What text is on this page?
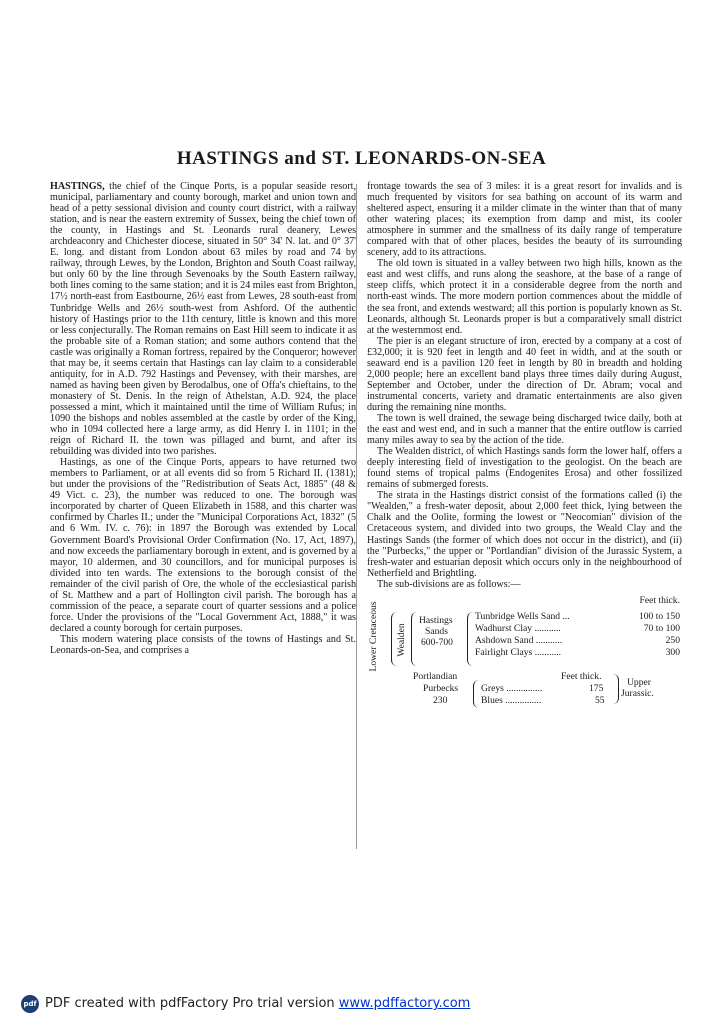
HASTINGS and ST. LEONARDS-ON-SEA

HASTINGS, the chief of the Cinque Ports, is a popular seaside resort, municipal, parliamentary and county borough, market and union town and head of a petty sessional division and county court district, with a railway station, and is near the eastern extremity of Sussex, being the chief town of the county, in Hastings and St. Leonards rural deanery, Lewes archdeaconry and Chichester diocese, situated in 50° 34' N. lat. and 0° 37' E. long. and distant from London about 63 miles by road and 74 by railway, through Lewes, by the London, Brighton and South Coast railway, but only 60 by the line through Sevenoaks by the South Eastern railway, both lines coming to the same station; and it is 24 miles east from Brighton, 17½ north-east from Eastbourne, 26½ east from Lewes, 28 south-east from Tunbridge Wells and 26½ south-west from Ashford. Of the authentic history of Hastings prior to the 11th century, little is known and this more or less conjecturally. The Roman remains on East Hill seem to indicate it as the probable site of a Roman station; and some authors contend that the castle was originally a Roman fortress, repaired by the Conqueror; however that may be, it seems certain that Hastings can lay claim to a considerable antiquity, for in A.D. 792 Hastings and Pevensey, with their marshes, are named as having been given by Berodalbus, one of Offa's chieftains, to the monastery of St. Denis. In the reign of Athelstan, A.D. 924, the place possessed a mint, which it maintained until the time of William Rufus; in 1090 the bishops and nobles assembled at the castle by order of the King, who in 1094 collected here a large army, as did Henry I. in 1101; in the reign of Richard II. the town was pillaged and burnt, and after its rebuilding was divided into two parishes.

Hastings, as one of the Cinque Ports, appears to have returned two members to Parliament, or at all events did so from 5 Richard II. (1381); but under the provisions of the "Redistribution of Seats Act, 1885" (48 & 49 Vict. c. 23), the number was reduced to one. The borough was incorporated by charter of Queen Elizabeth in 1588, and this charter was confirmed by Charles II.; under the "Municipal Corporations Act, 1832" (5 and 6 Wm. IV. c. 76): in 1897 the Borough was extended by Local Government Board's Provisional Order Confirmation (No. 17, Act, 1897), and now exceeds the parliamentary borough in extent, and is governed by a mayor, 10 aldermen, and 30 councillors, and for municipal purposes is divided into ten wards. The extensions to the borough consist of the remainder of the civil parish of Ore, the whole of the ecclesiastical parish of St. Matthew and a part of Hollington civil parish. The borough has a commission of the peace, a separate court of quarter sessions and a police force. Under the provisions of the "Local Government Act, 1888," it was declared a county borough for certain purposes.

This modern watering place consists of the towns of Hastings and St. Leonards-on-Sea, and comprises a

frontage towards the sea of 3 miles: it is a great resort for invalids and is much frequented by visitors for sea bathing on account of its warm and sheltered aspect, ensuring it a milder climate in the winter than that of many other watering places; its exemption from damp and mist, its cooler atmosphere in summer and the smallness of its daily range of temperature compared with that of other places, besides the beauty of its surrounding scenery, add to its attractions.

The old town is situated in a valley between two high hills, known as the east and west cliffs, and runs along the seashore, at the base of a range of steep cliffs, which protect it in a considerable degree from the north and north-east winds. The more modern portion commences about the middle of the sea front, and extends westward; all this portion is popularly known as St. Leonards, although St. Leonards proper is but a comparatively small district at the westernmost end.

The pier is an elegant structure of iron, erected by a company at a cost of £32,000; it is 920 feet in length and 40 feet in width, and at the south or seaward end is a pavilion 120 feet in length by 80 in breadth and holding 2,000 people; here an excellent band plays three times daily during August, September and October, under the direction of Dr. Abram; vocal and instrumental concerts, variety and dramatic entertainments are also given during the remaining nine months.

The town is well drained, the sewage being discharged twice daily, both at the east and west end, and in such a manner that the entire outflow is carried many miles away to sea by the action of the tide.

The Wealden district, of which Hastings sands form the lower half, offers a deeply interesting field of investigation to the geologist. On the beach are found stems of tropical palms (Endogenites Erosa) and other fossilized remains of submerged forests.

The strata in the Hastings district consist of the formations called (i) the "Wealden," a fresh-water deposit, about 2,000 feet thick, lying between the Chalk and the Oolite, forming the lowest or "Neocomian" division of the Cretaceous system, and divided into two groups, the Weald Clay and the Hastings Sands (the former of which does not occur in the district), and (ii) the "Purbecks," the upper or "Portlandian" division of the Jurassic System, a fresh-water and estuarian deposit which occurs only in the neighbourhood of Netherfield and Brightling.

The sub-divisions are as follows:—

Feet thick.
Lower Cretaceous Wealden
Hastings
Sands
600-700
Tunbridge Wells Sand ...	100 to 150
Wadhurst Clay ...........	70 to 100
Ashdown Sand ...........	250
Fairlight Clays ...........	300
Portlandian	Feet thick.
Purbecks
230
Greys ...............	175
Blues ...............	55
Upper
Jurassic.
pdf PDF created with pdfFactory Pro trial version www.pdffactory.com
